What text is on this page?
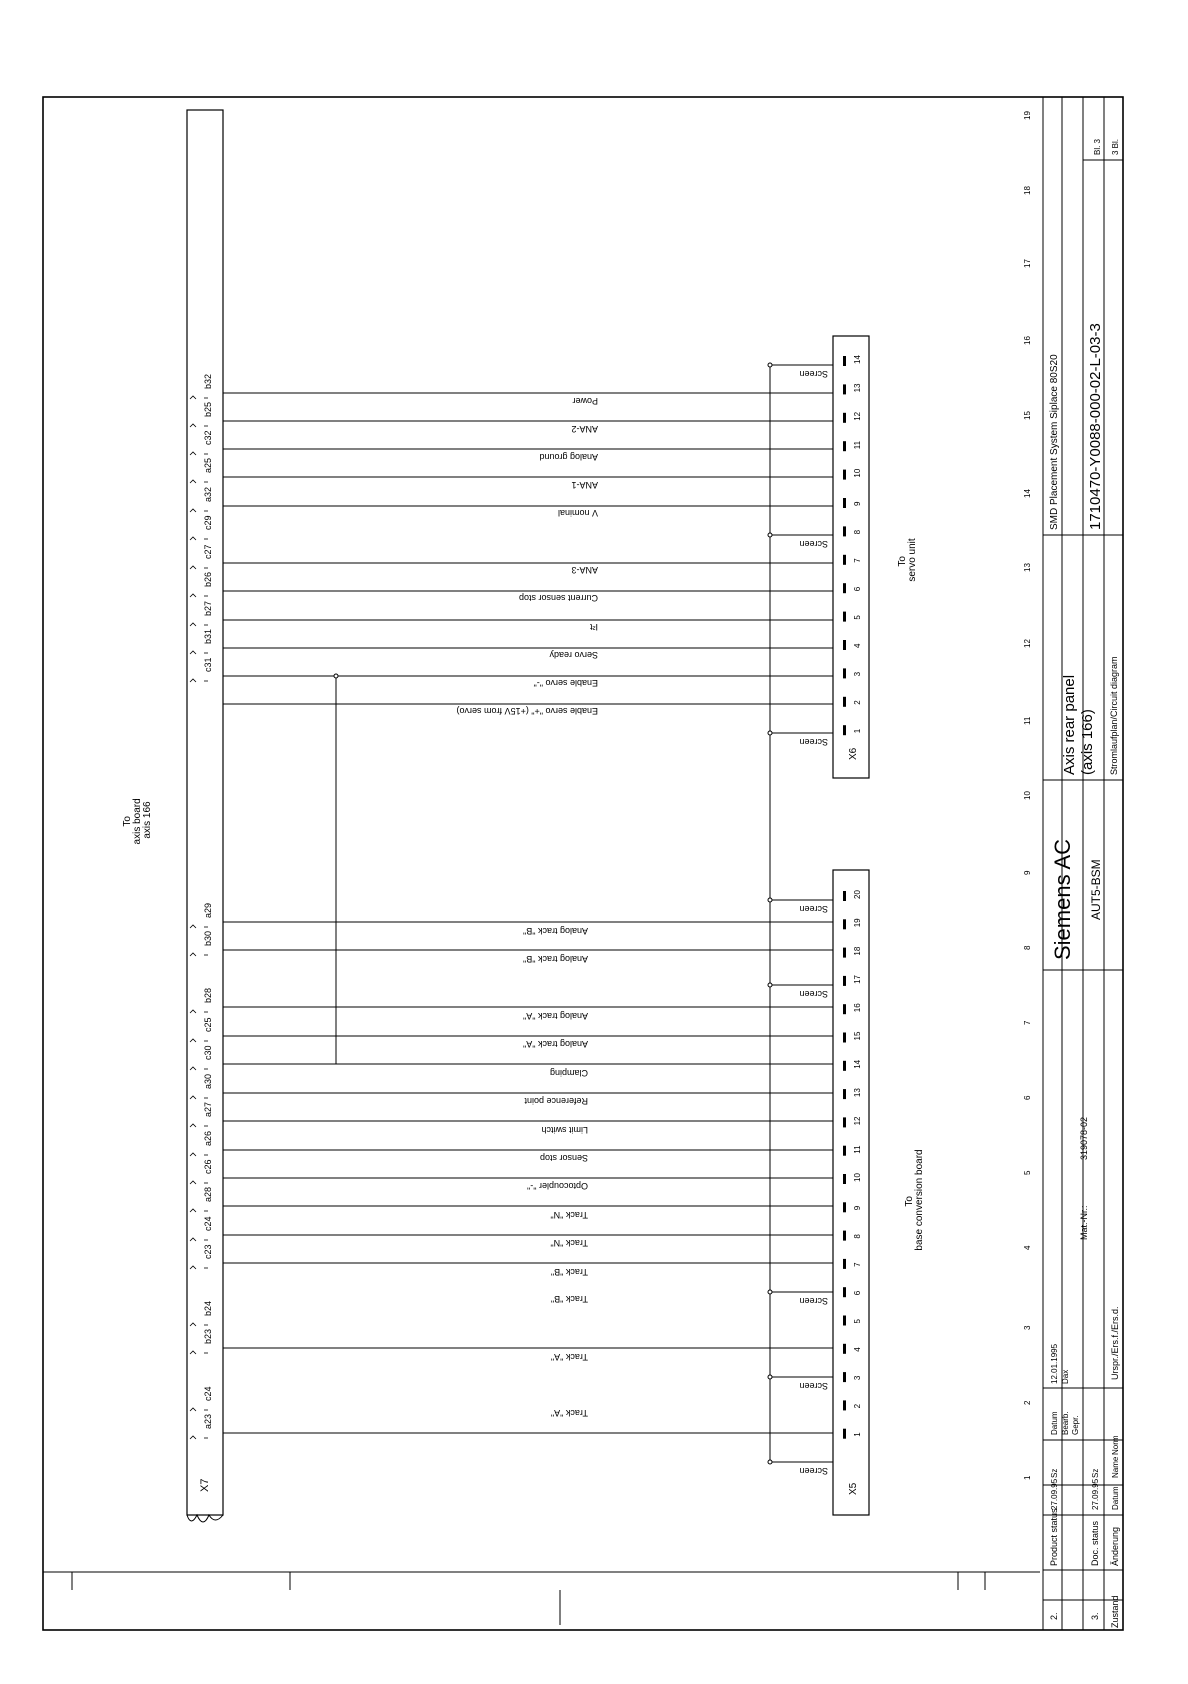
X7
b32
b25
c32
a25
a32
c29
c27
b26
b27
b31
c31
a29
b30
b28
c25
c30
a30
a27
a26
c26
a28
c24
c23
b24
b23
c24
a23
To axis board axis 166
Screen
Screen
Screen
Screen
Screen
Screen
Screen
Screen
Power
ANA-2
Analog ground
ANA-1
V nominal
ANA-3
Current sensor stop
I²t
Servo ready
Enable servo "-"
Enable servo "+" (+15V from servo)
Analog track "B"
Analog track "B"
Analog track "A"
Analog track "A"
Clamping
Reference point
Limit switch
Sensor stop
Optocoupler "-"
Track "N"
Track "N"
Track "B"
Track "B"
Track "A"
Track "A"
X6
14
13
12
11
10
9
8
7
6
5
4
3
2
1
To servo unit
X5
20
19
18
17
16
15
14
13
12
11
10
9
8
7
6
5
4
3
2
1
To base conversion board
19
18
17
16
15
14
13
12
11
10
9
8
7
6
5
4
3
2
1
Siemens AC AUT5-BSM
SMD Placement System Siplace 80S20
Axis rear panel (axis 166) Stromlaufplan/Circuit diagram
1710470-Y0088-000-02-L-03-3
Bl. 3 3 Bl.
Mat.-Nr.:
319078-02
Urspr./Ers.f./Ers.d.
Product status
2.
27.09.95
Sz
Datum
12.01.1995
Bearb.
Dax
Gepr.
Doc. status
3.
27.09.95
Sz
Zustand
Änderung
Datum
Name
Norm
